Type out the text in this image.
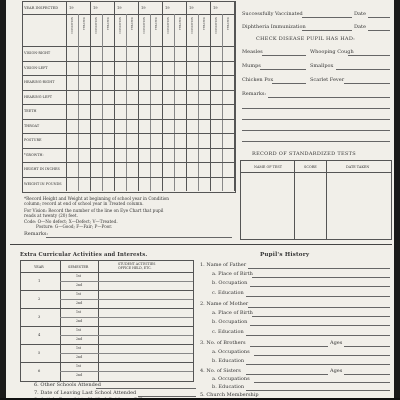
YEAR INSPECTED	19	19	19	19	19	19	19
CONDITION	TREATED	CONDITION	TREATED	CONDITION	TREATED	CONDITION	TREATED	CONDITION	TREATED	CONDITION	TREATED	CONDITION	TREATED
VISION-RIGHT
VISION-LEFT
HEARING-RIGHT
HEARING-LEFT
TEETH
THROAT
POSTURE
*GROWTH:
HEIGHT IN INCHES
WEIGHT IN POUNDS
*Record Height and Weight at beginning of school year in Condition
column; record at end of school year in Treated column.
For Vision: Record the number of the line on Eye Chart that pupil
reads at twenty (20) feet.
Code: O—No defect; X—Defect; V—Treated.
Posture: G—Good; F—Fair; P—Poor.
Remarks:
Successfully Vaccinated	Date
Diphtheria Immunization	Date
CHECK DISEASE PUPIL HAS HAD:
Measles	Whooping Cough
Mumps	Smallpox
Chicken Pox	Scarlet Fever
Remarks:
RECORD OF STANDARDIZED TESTS
NAME OF TEST	SCORE	DATE TAKEN
Extra Curricular Activities and Interests.
YEAR	SEMESTER
STUDENT ACTIVITIES
OFFICE HELD, ETC.
1
1st
2nd
2
1st
2nd
3
1st
2nd
4
1st
2nd
5
1st
2nd
6
1st
2nd
Pupil's History
1. Name of Father
a. Place of Birth
b. Occupation
c. Education
2. Name of Mother
a. Place of Birth
b. Occupation
c. Education
3. No. of Brothers	Ages
a. Occupations
b. Education
4. No. of Sisters	Ages
a. Occupations
b. Education
5. Church Membership
6. Other Schools Attended
7. Date of Leaving Last School Attended
